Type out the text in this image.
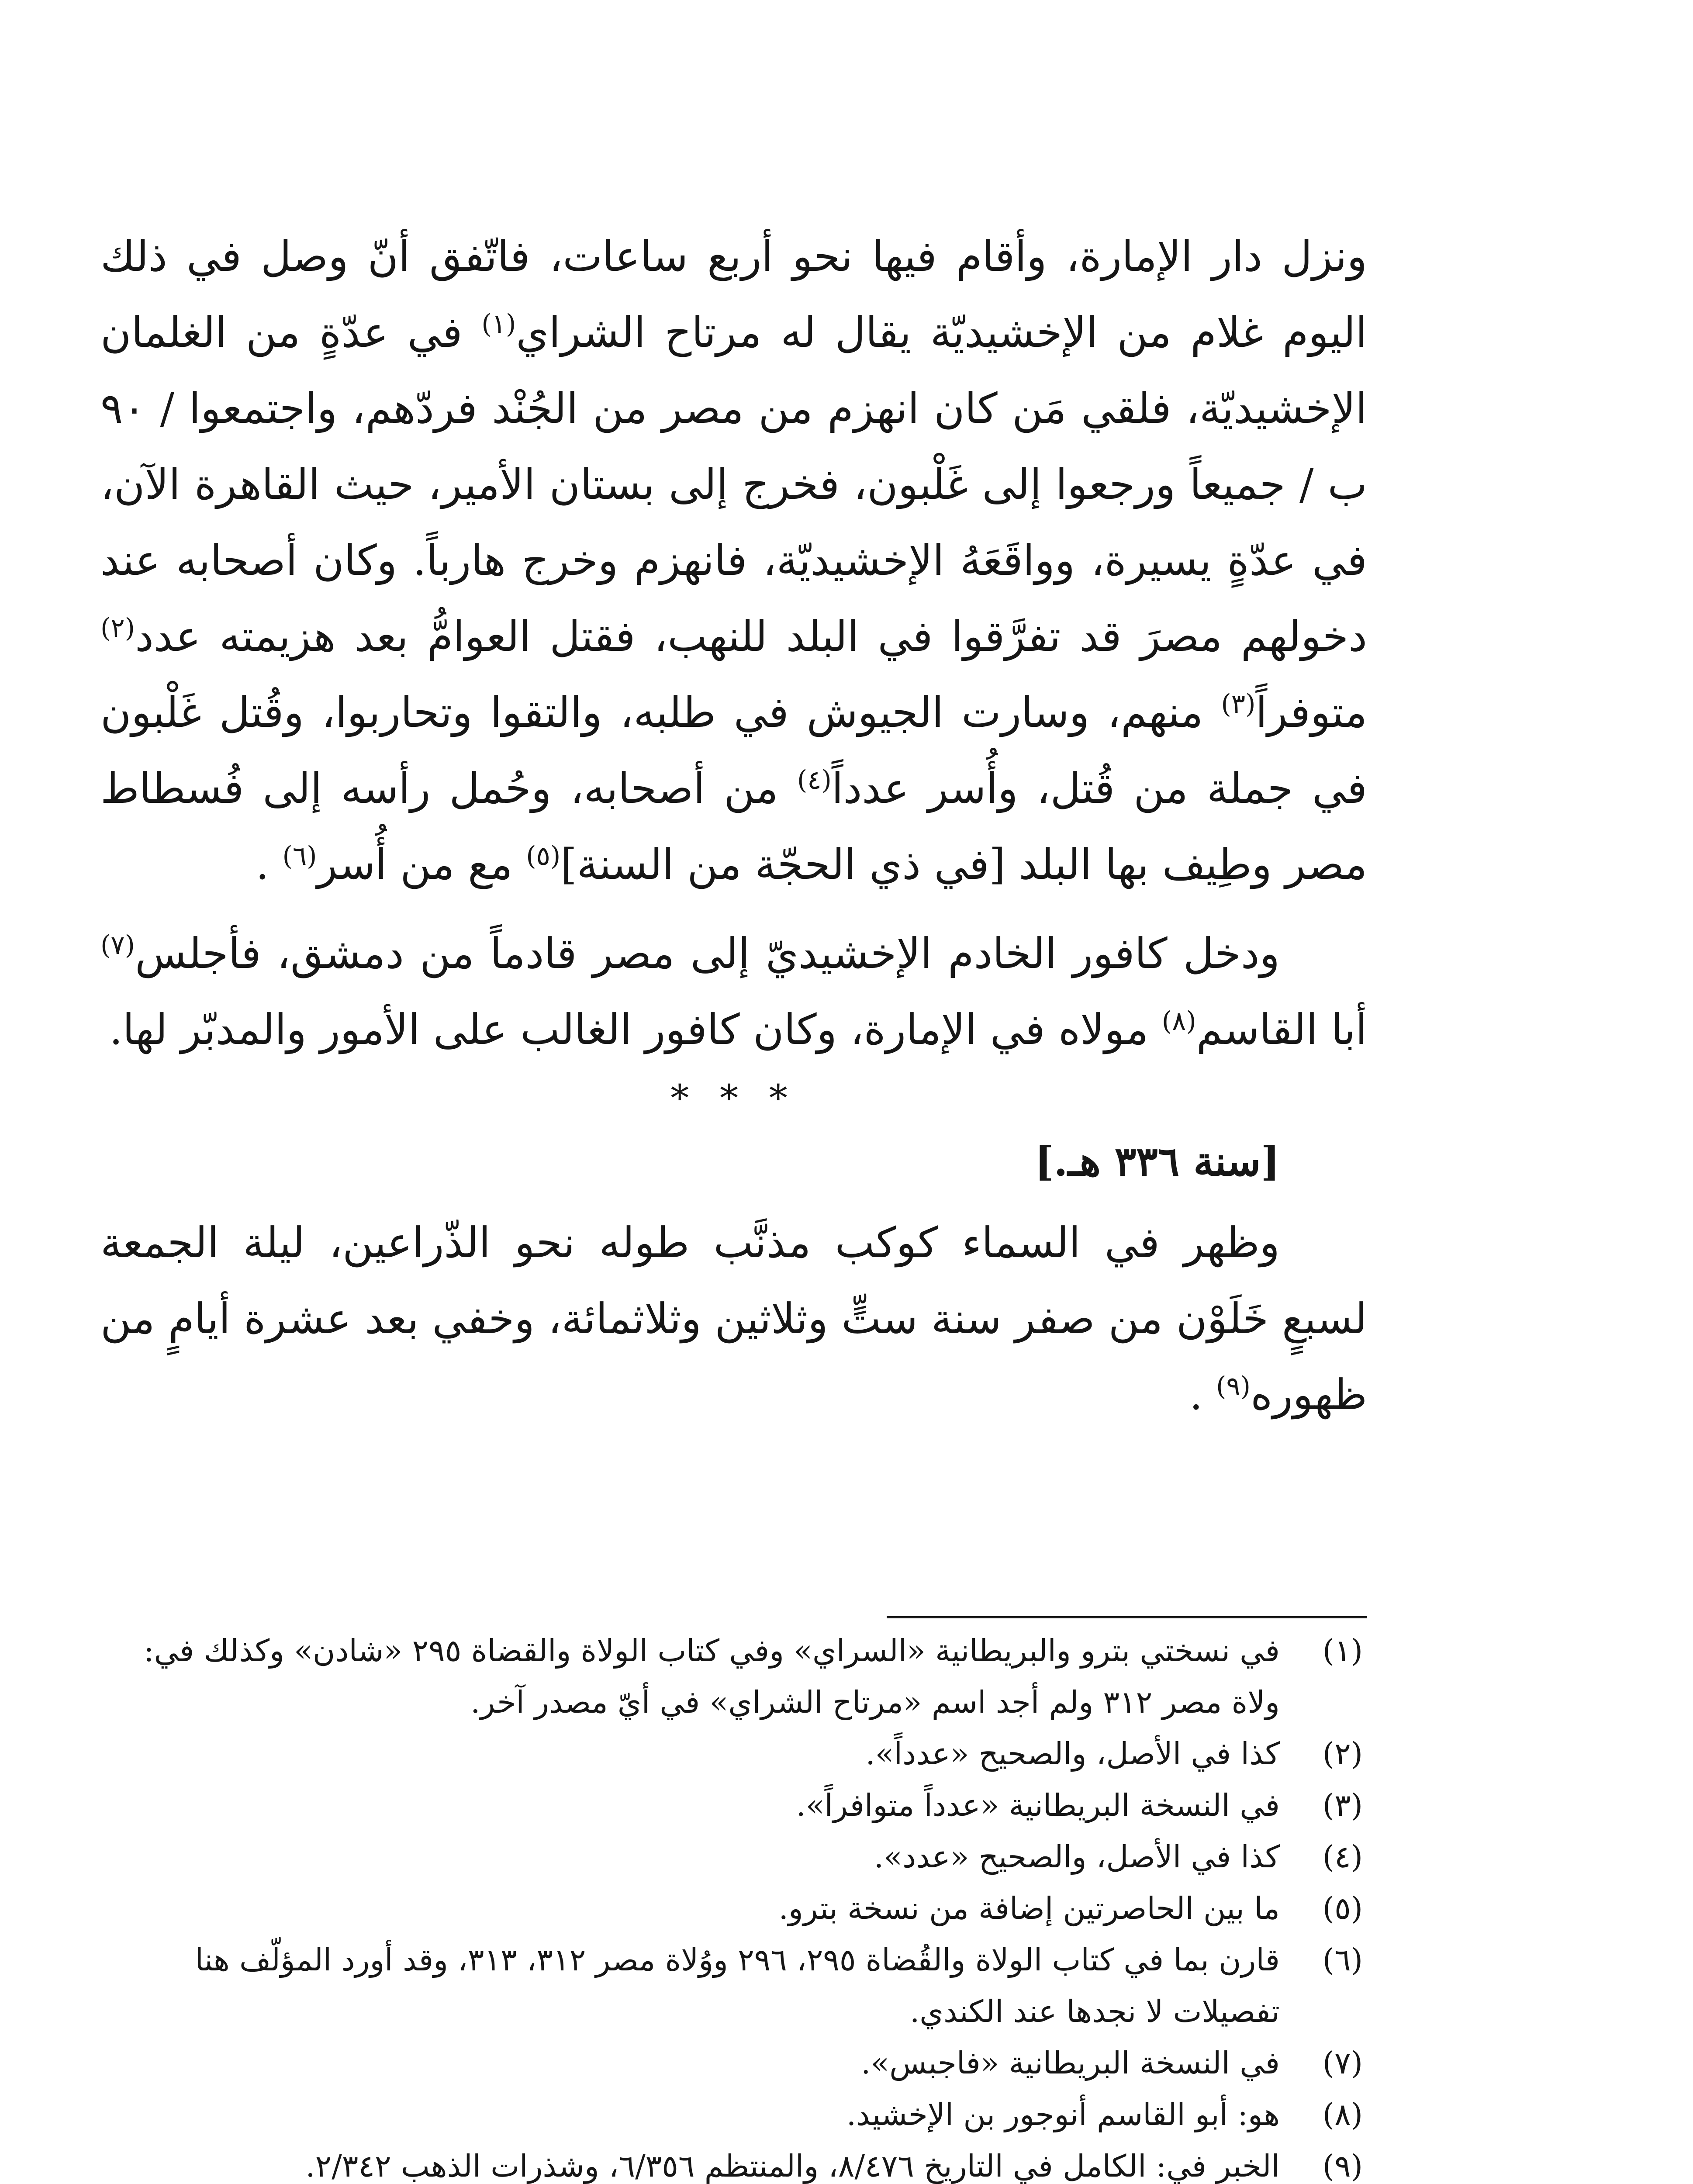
ونزل دار الإمارة، وأقام فيها نحو أربع ساعات، فاتّفق أنّ وصل في ذلك اليوم غلام من الإخشيديّة يقال له مرتاح الشراي$^{(١)}$ في عدّةٍ من الغلمان الإخشيديّة، فلقي مَن كان انهزم من مصر من الجُنْد فردّهم، واجتمعوا / ٩٠ ب / جميعاً ورجعوا إلى غَلْبون، فخرج إلى بستان الأمير، حيث القاهرة الآن، في عدّةٍ يسيرة، وواقَعَهُ الإخشيديّة، فانهزم وخرج هارباً. وكان أصحابه عند دخولهم مصرَ قد تفرَّقوا في البلد للنهب، فقتل العوامُّ بعد هزيمته عدد$^{(٢)}$ متوفراً$^{(٣)}$ منهم، وسارت الجيوش في طلبه، والتقوا وتحاربوا، وقُتل غَلْبون في جملة من قُتل، وأُسر عدداً$^{(٤)}$ من أصحابه، وحُمل رأسه إلى فُسطاط مصر وطِيف بها البلد [في ذي الحجّة من السنة]$^{(٥)}$ مع من أُسر$^{(٦)}$ .

ودخل كافور الخادم الإخشيديّ إلى مصر قادماً من دمشق، فأجلس$^{(٧)}$ أبا القاسم$^{(٨)}$ مولاه في الإمارة، وكان كافور الغالب على الأمور والمدبّر لها.

* * *

[سنة ٣٣٦ هـ.]

وظهر في السماء كوكب مذنَّب طوله نحو الذّراعين، ليلة الجمعة لسبعٍ خَلَوْن من صفر سنة ستٍّ وثلاثين وثلاثمائة، وخفي بعد عشرة أيامٍ من ظهوره$^{(٩)}$ .

(١)
في نسختي بترو والبريطانية «السراي» وفي كتاب الولاة والقضاة ٢٩٥ «شادن» وكذلك في: ولاة مصر ٣١٢ ولم أجد اسم «مرتاح الشراي» في أيّ مصدر آخر.
(٢)
كذا في الأصل، والصحيح «عدداً».
(٣)
في النسخة البريطانية «عدداً متوافراً».
(٤)
كذا في الأصل، والصحيح «عدد».
(٥)
ما بين الحاصرتين إضافة من نسخة بترو.
(٦)
قارن بما في كتاب الولاة والقُضاة ٢٩٥، ٢٩٦ ووُلاة مصر ٣١٢، ٣١٣، وقد أورد المؤلّف هنا تفصيلات لا نجدها عند الكندي.
(٧)
في النسخة البريطانية «فاجبس».
(٨)
هو: أبو القاسم أنوجور بن الإخشيد.
(٩)
الخبر في: الكامل في التاريخ ٨/٤٧٦، والمنتظم ٦/٣٥٦، وشذرات الذهب ٢/٣٤٢.
